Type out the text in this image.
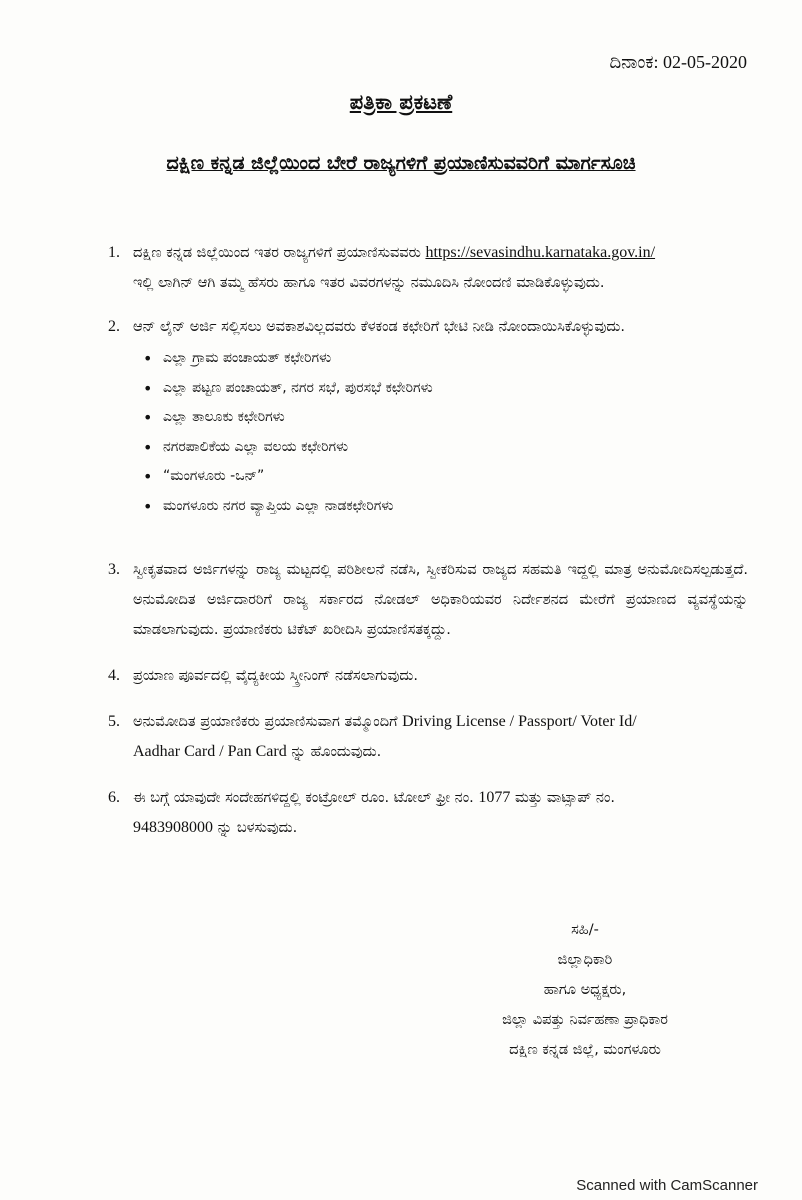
ದಿನಾಂಕ: 02-05-2020
ಪತ್ರಿಕಾ ಪ್ರಕಟಣೆ
ದಕ್ಷಿಣ ಕನ್ನಡ ಜಿಲ್ಲೆಯಿಂದ ಬೇರೆ ರಾಜ್ಯಗಳಿಗೆ ಪ್ರಯಾಣಿಸುವವರಿಗೆ ಮಾರ್ಗಸೂಚಿ
1. ದಕ್ಷಿಣ ಕನ್ನಡ ಜಿಲ್ಲೆಯಿಂದ ಇತರ ರಾಜ್ಯಗಳಿಗೆ ಪ್ರಯಾಣಿಸುವವರು https://sevasindhu.karnataka.gov.in/
ಇಲ್ಲಿ ಲಾಗಿನ್ ಆಗಿ ತಮ್ಮ ಹೆಸರು ಹಾಗೂ ಇತರ ವಿವರಗಳನ್ನು ನಮೂದಿಸಿ ನೋಂದಣಿ ಮಾಡಿಕೊಳ್ಳುವುದು.
2. ಆನ್ ಲೈನ್ ಅರ್ಜಿ ಸಲ್ಲಿಸಲು ಅವಕಾಶವಿಲ್ಲದವರು ಕೆಳಕಂಡ ಕಛೇರಿಗೆ ಭೇಟಿ ನೀಡಿ ನೋಂದಾಯಿಸಿಕೊಳ್ಳುವುದು.
• ಎಲ್ಲಾ ಗ್ರಾಮ ಪಂಚಾಯತ್ ಕಛೇರಿಗಳು
• ಎಲ್ಲಾ ಪಟ್ಟಣ ಪಂಚಾಯತ್, ನಗರ ಸಭೆ, ಪುರಸಭೆ ಕಛೇರಿಗಳು
• ಎಲ್ಲಾ ತಾಲೂಕು ಕಛೇರಿಗಳು
• ನಗರಪಾಲಿಕೆಯ ಎಲ್ಲಾ ವಲಯ ಕಛೇರಿಗಳು
• “ಮಂಗಳೂರು -ಒನ್”
• ಮಂಗಳೂರು ನಗರ ವ್ಯಾಪ್ತಿಯ ಎಲ್ಲಾ ನಾಡಕಛೇರಿಗಳು
3. ಸ್ವೀಕೃತವಾದ ಅರ್ಜಿಗಳನ್ನು ರಾಜ್ಯ ಮಟ್ಟದಲ್ಲಿ ಪರಿಶೀಲನೆ ನಡೆಸಿ, ಸ್ವೀಕರಿಸುವ ರಾಜ್ಯದ ಸಹಮತಿ ಇದ್ದಲ್ಲಿ ಮಾತ್ರ ಅನುಮೋದಿಸಲ್ಪಡುತ್ತದೆ. ಅನುಮೋದಿತ ಅರ್ಜಿದಾರರಿಗೆ ರಾಜ್ಯ ಸರ್ಕಾರದ ನೋಡಲ್ ಅಧಿಕಾರಿಯವರ ನಿರ್ದೇಶನದ ಮೇರೆಗೆ ಪ್ರಯಾಣದ ವ್ಯವಸ್ಥೆಯನ್ನು ಮಾಡಲಾಗುವುದು. ಪ್ರಯಾಣಿಕರು ಟಿಕೆಟ್ ಖರೀದಿಸಿ ಪ್ರಯಾಣಿಸತಕ್ಕದ್ದು.
4. ಪ್ರಯಾಣ ಪೂರ್ವದಲ್ಲಿ ವೈದ್ಯಕೀಯ ಸ್ಕ್ರೀನಿಂಗ್ ನಡೆಸಲಾಗುವುದು.
5. ಅನುಮೋದಿತ ಪ್ರಯಾಣಿಕರು ಪ್ರಯಾಣಿಸುವಾಗ ತಮ್ಮೊಂದಿಗೆ Driving License / Passport/ Voter Id/
Aadhar Card / Pan Card ನ್ನು ಹೊಂದುವುದು.
6. ಈ ಬಗ್ಗೆ ಯಾವುದೇ ಸಂದೇಹಗಳಿದ್ದಲ್ಲಿ ಕಂಟ್ರೋಲ್ ರೂಂ. ಟೋಲ್ ಫ್ರೀ ನಂ. 1077 ಮತ್ತು ವಾಟ್ಸಾಪ್ ನಂ.
9483908000 ನ್ನು ಬಳಸುವುದು.
ಸಹಿ/-
ಜಿಲ್ಲಾಧಿಕಾರಿ
ಹಾಗೂ ಅಧ್ಯಕ್ಷರು,
ಜಿಲ್ಲಾ ವಿಪತ್ತು ನಿರ್ವಹಣಾ ಪ್ರಾಧಿಕಾರ
ದಕ್ಷಿಣ ಕನ್ನಡ ಜಿಲ್ಲೆ, ಮಂಗಳೂರು
Scanned with CamScanner
